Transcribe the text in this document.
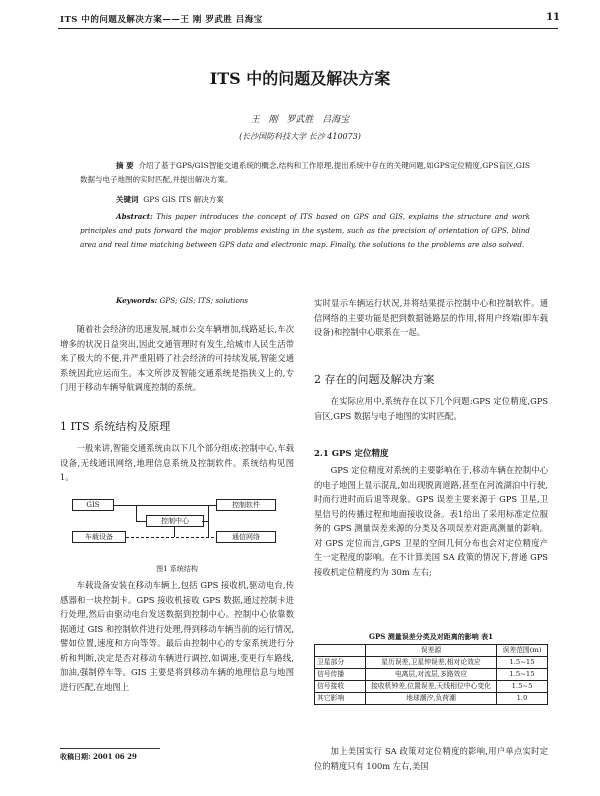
ITS 中的问题及解决方案——王 刚 罗武胜 吕海宝	11
ITS 中的问题及解决方案
王 刚 罗武胜 吕海宝
(长沙国防科技大学 长沙 410073)
摘 要 介绍了基于GPS/GIS智能交通系统的概念,结构和工作原理,提出系统中存在的关键问题,如GPS定位精度,GPS盲区,GIS数据与电子地图的实时匹配,并提出解决方案。
关键词 GPS GIS ITS 解决方案
Abstract: This paper introduces the concept of ITS based on GPS and GIS, explains the structure and work principles and puts forward the major problems existing in the system, such as the precision of orientation of GPS, blind area and real time matching between GPS data and electronic map. Finally, the solutions to the problems are also solved.
Keywords: GPS; GIS; ITS; solutions
随着社会经济的迅速发展,城市公交车辆增加,线路延长,车次增多的状况日益突出,因此交通管理时有发生,给城市人民生活带来了极大的不便,并严重阻碍了社会经济的可持续发展,智能交通系统因此应运而生。本文所涉及智能交通系统是指狭义上的,专门用于移动车辆导航调度控制的系统。
1 ITS 系统结构及原理
一般来讲,智能交通系统由以下几个部分组成:控制中心,车载设备,无线通讯网络,地理信息系统及控制软件。系统结构见图 1。
GIS	控制软件
控制中心
车载设备	通信网络
图1 系统结构
车载设备安装在移动车辆上,包括 GPS 接收机,驱动电台,传感器和一块控制卡。GPS 接收机接收 GPS 数据,通过控制卡进行处理,然后由驱动电台发送数据到控制中心。控制中心依靠数据通过 GIS 和控制软件进行处理,得到移动车辆当前的运行情况,譬如位置,速度和方向等等。最后由控制中心的专家系统进行分析和判断,决定是否对移动车辆进行调控,如调速,变更行车路线,加油,强制停车等。GIS 主要是将到移动车辆的地理信息与地图进行匹配,在地图上
收稿日期: 2001 06 29
实时显示车辆运行状况,并将结果提示控制中心和控制软件。通信网络的主要功能是把到数据链路层的作用,将用户终端(即车载设备)和控制中心联系在一起。
2 存在的问题及解决方案
在实际应用中,系统存在以下几个问题:GPS 定位精度,GPS 盲区,GPS 数据与电子地图的实时匹配。
2.1 GPS 定位精度
GPS 定位精度对系统的主要影响在于,移动车辆在控制中心的电子地图上显示混乱,如出现脱离道路,甚至在河流湖泊中行驶,时而行进时而后退等现象。GPS 误差主要来源于 GPS 卫星,卫星信号的传播过程和地面接收设备。表1给出了采用标准定位服务的 GPS 测量误差来源的分类及各项误差对距离测量的影响。对 GPS 定位而言,GPS 卫星的空间几何分布也会对定位精度产生一定程度的影响。在不计算美国 SA 政策的情况下,普通 GPS 接收机定位精度约为 30m 左右;
GPS 测量误差分类及对距离的影响 表1
	误差源	误差范围(m)
卫星部分	星历误差,卫星钟误差,相对论效应	1.5~15
信号传播	电离层,对流层,多路效应	1.5~15
信号接收	接收机钟差,位置误差,天线相位中心变化	1.5~5
其它影响	地球潮汐,负荷潮	1.0
加上美国实行 SA 政策对定位精度的影响,用户单点实时定位的精度只有 100m 左右,美国
